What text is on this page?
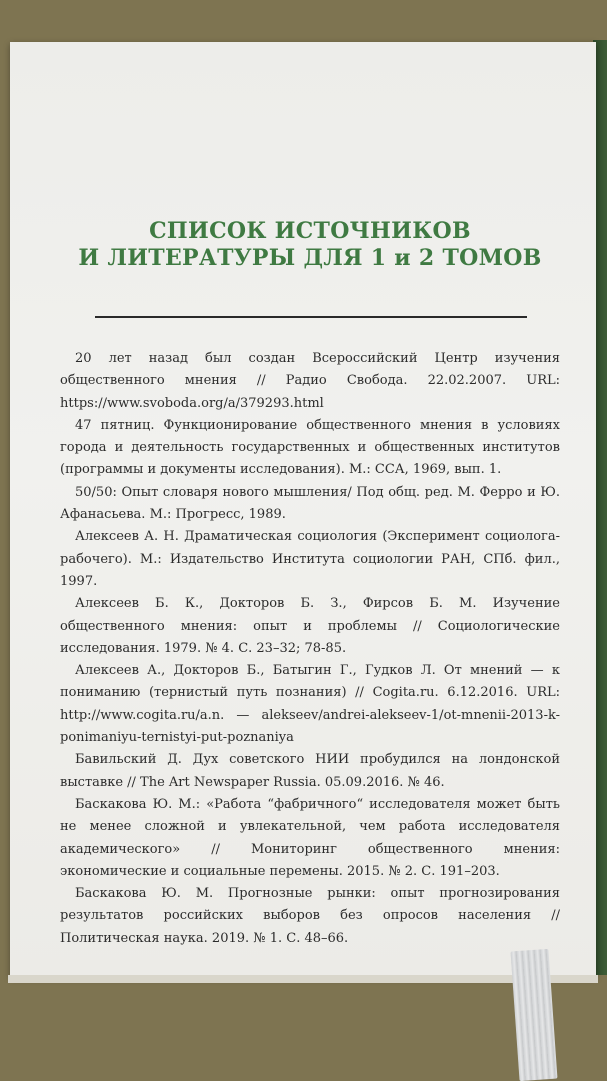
СПИСОК ИСТОЧНИКОВ
И ЛИТЕРАТУРЫ ДЛЯ 1 и 2 ТОМОВ

20 лет назад был создан Всероссийский Центр изучения общественного мнения // Радио Свобода. 22.02.2007. URL: https://www.svoboda.org/a/379293.html

47 пятниц. Функционирование общественного мнения в условиях города и деятельность государственных и общественных институтов (программы и документы исследования). М.: ССА, 1969, вып. 1.

50/50: Опыт словаря нового мышления/ Под общ. ред. М. Ферро и Ю. Афанасьева. М.: Прогресс, 1989.

Алексеев А. Н. Драматическая социология (Эксперимент социолога-рабочего). М.: Издательство Института социологии РАН, СПб. фил., 1997.

Алексеев Б. К., Докторов Б. З., Фирсов Б. М. Изучение общественного мнения: опыт и проблемы // Социологические исследования. 1979. № 4. С. 23–32; 78-85.

Алексеев А., Докторов Б., Батыгин Г., Гудков Л. От мнений — к пониманию (тернистый путь познания) // Cogita.ru. 6.12.2016. URL: http://www.cogita.ru/a.n. — alekseev/andrei-alekseev-1/ot-mnenii-2013-k-ponimaniyu-ternistyi-put-poznaniya

Бавильский Д. Дух советского НИИ пробудился на лондонской выставке // The Art Newspaper Russia. 05.09.2016. № 46.

Баскакова Ю. М.: «Работа “фабричного“ исследователя может быть не менее сложной и увлекательной, чем работа исследователя академического» // Мониторинг общественного мнения: экономические и социальные перемены. 2015. № 2. С. 191–203.

Баскакова Ю. М. Прогнозные рынки: опыт прогнозирования результатов российских выборов без опросов населения // Политическая наука. 2019. № 1. С. 48–66.
